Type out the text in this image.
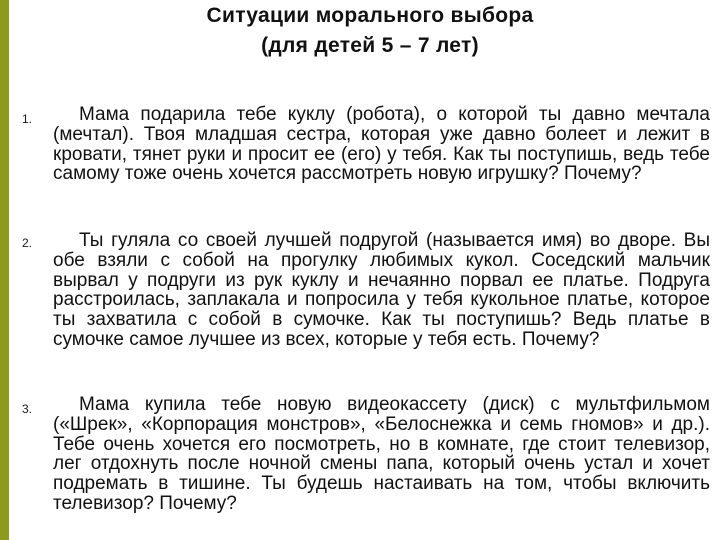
Ситуации морального выбора
(для детей 5 – 7 лет)
1.	Мама подарила тебе куклу (робота), о которой ты давно мечтала (мечтал). Твоя младшая сестра, которая уже давно болеет и лежит в кровати, тянет руки и просит ее (его) у тебя. Как ты поступишь, ведь тебе самому тоже очень хочется рассмотреть новую игрушку? Почему?
2.	Ты гуляла со своей лучшей подругой (называется имя) во дворе. Вы обе взяли с собой на прогулку любимых кукол. Соседский мальчик вырвал у подруги из рук куклу и нечаянно порвал ее платье. Подруга расстроилась, заплакала и попросила у тебя кукольное платье, которое ты захватила с собой в сумочке. Как ты поступишь? Ведь платье в сумочке самое лучшее из всех, которые у тебя есть. Почему?
3.	Мама купила тебе новую видеокассету (диск) с мультфильмом («Шрек», «Корпорация монстров», «Белоснежка и семь гномов» и др.). Тебе очень хочется его посмотреть, но в комнате, где стоит телевизор, лег отдохнуть после ночной смены папа, который очень устал и хочет подремать в тишине. Ты будешь настаивать на том, чтобы включить телевизор? Почему?
